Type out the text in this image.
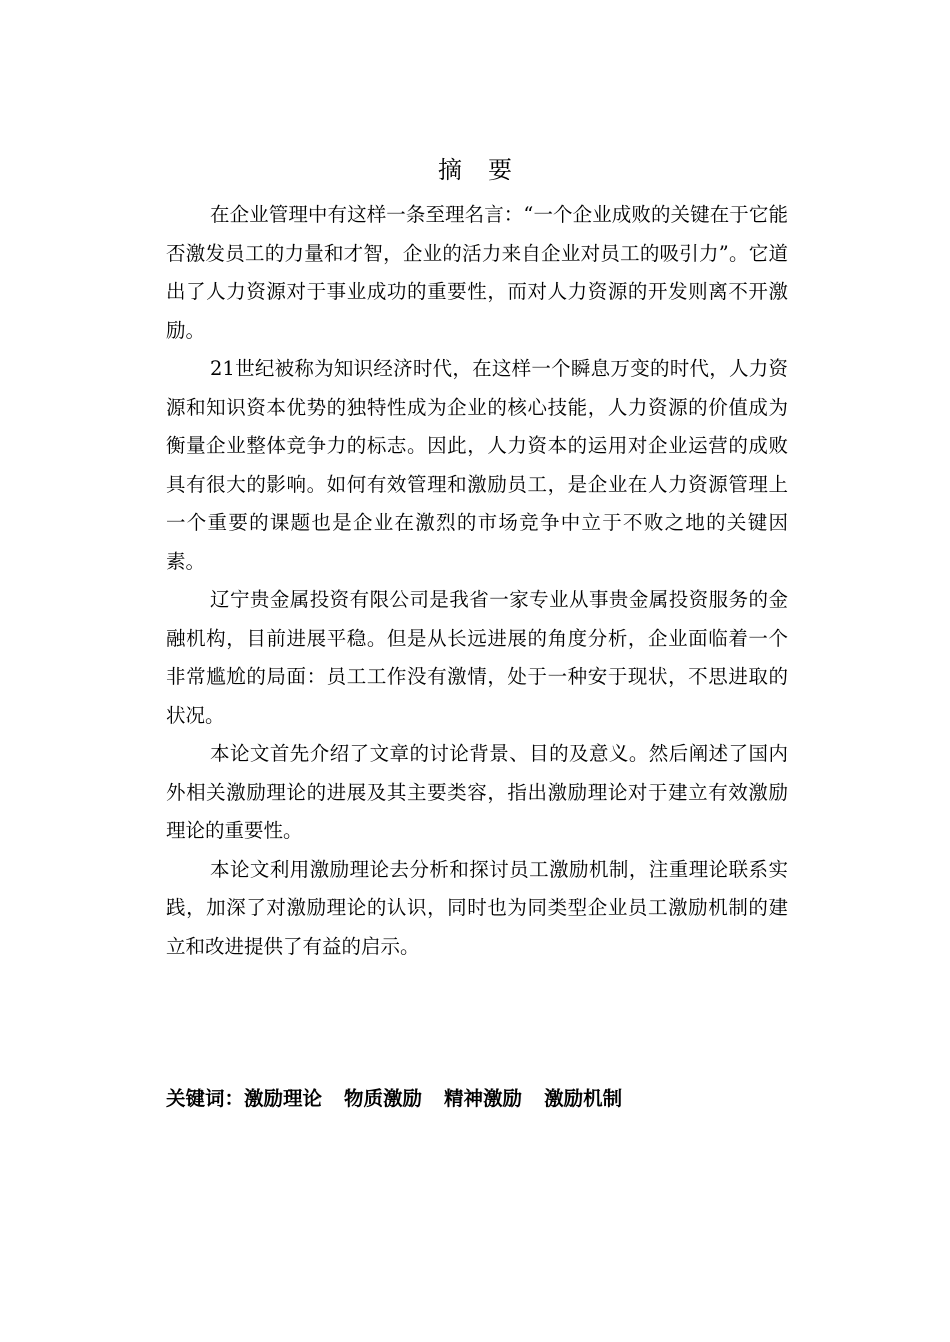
摘要

在企业管理中有这样一条至理名言：“一个企业成败的关键在于它能否激发员工的力量和才智，企业的活力来自企业对员工的吸引力”。它道出了人力资源对于事业成功的重要性，而对人力资源的开发则离不开激励。

21世纪被称为知识经济时代，在这样一个瞬息万变的时代，人力资源和知识资本优势的独特性成为企业的核心技能，人力资源的价值成为衡量企业整体竞争力的标志。因此，人力资本的运用对企业运营的成败具有很大的影响。如何有效管理和激励员工，是企业在人力资源管理上一个重要的课题也是企业在激烈的市场竞争中立于不败之地的关键因素。

辽宁贵金属投资有限公司是我省一家专业从事贵金属投资服务的金融机构，目前进展平稳。但是从长远进展的角度分析，企业面临着一个非常尴尬的局面：员工工作没有激情，处于一种安于现状，不思进取的状况。

本论文首先介绍了文章的讨论背景、目的及意义。然后阐述了国内外相关激励理论的进展及其主要类容，指出激励理论对于建立有效激励理论的重要性。

本论文利用激励理论去分析和探讨员工激励机制，注重理论联系实践，加深了对激励理论的认识，同时也为同类型企业员工激励机制的建立和改进提供了有益的启示。

关键词：激励理论 物质激励 精神激励 激励机制
